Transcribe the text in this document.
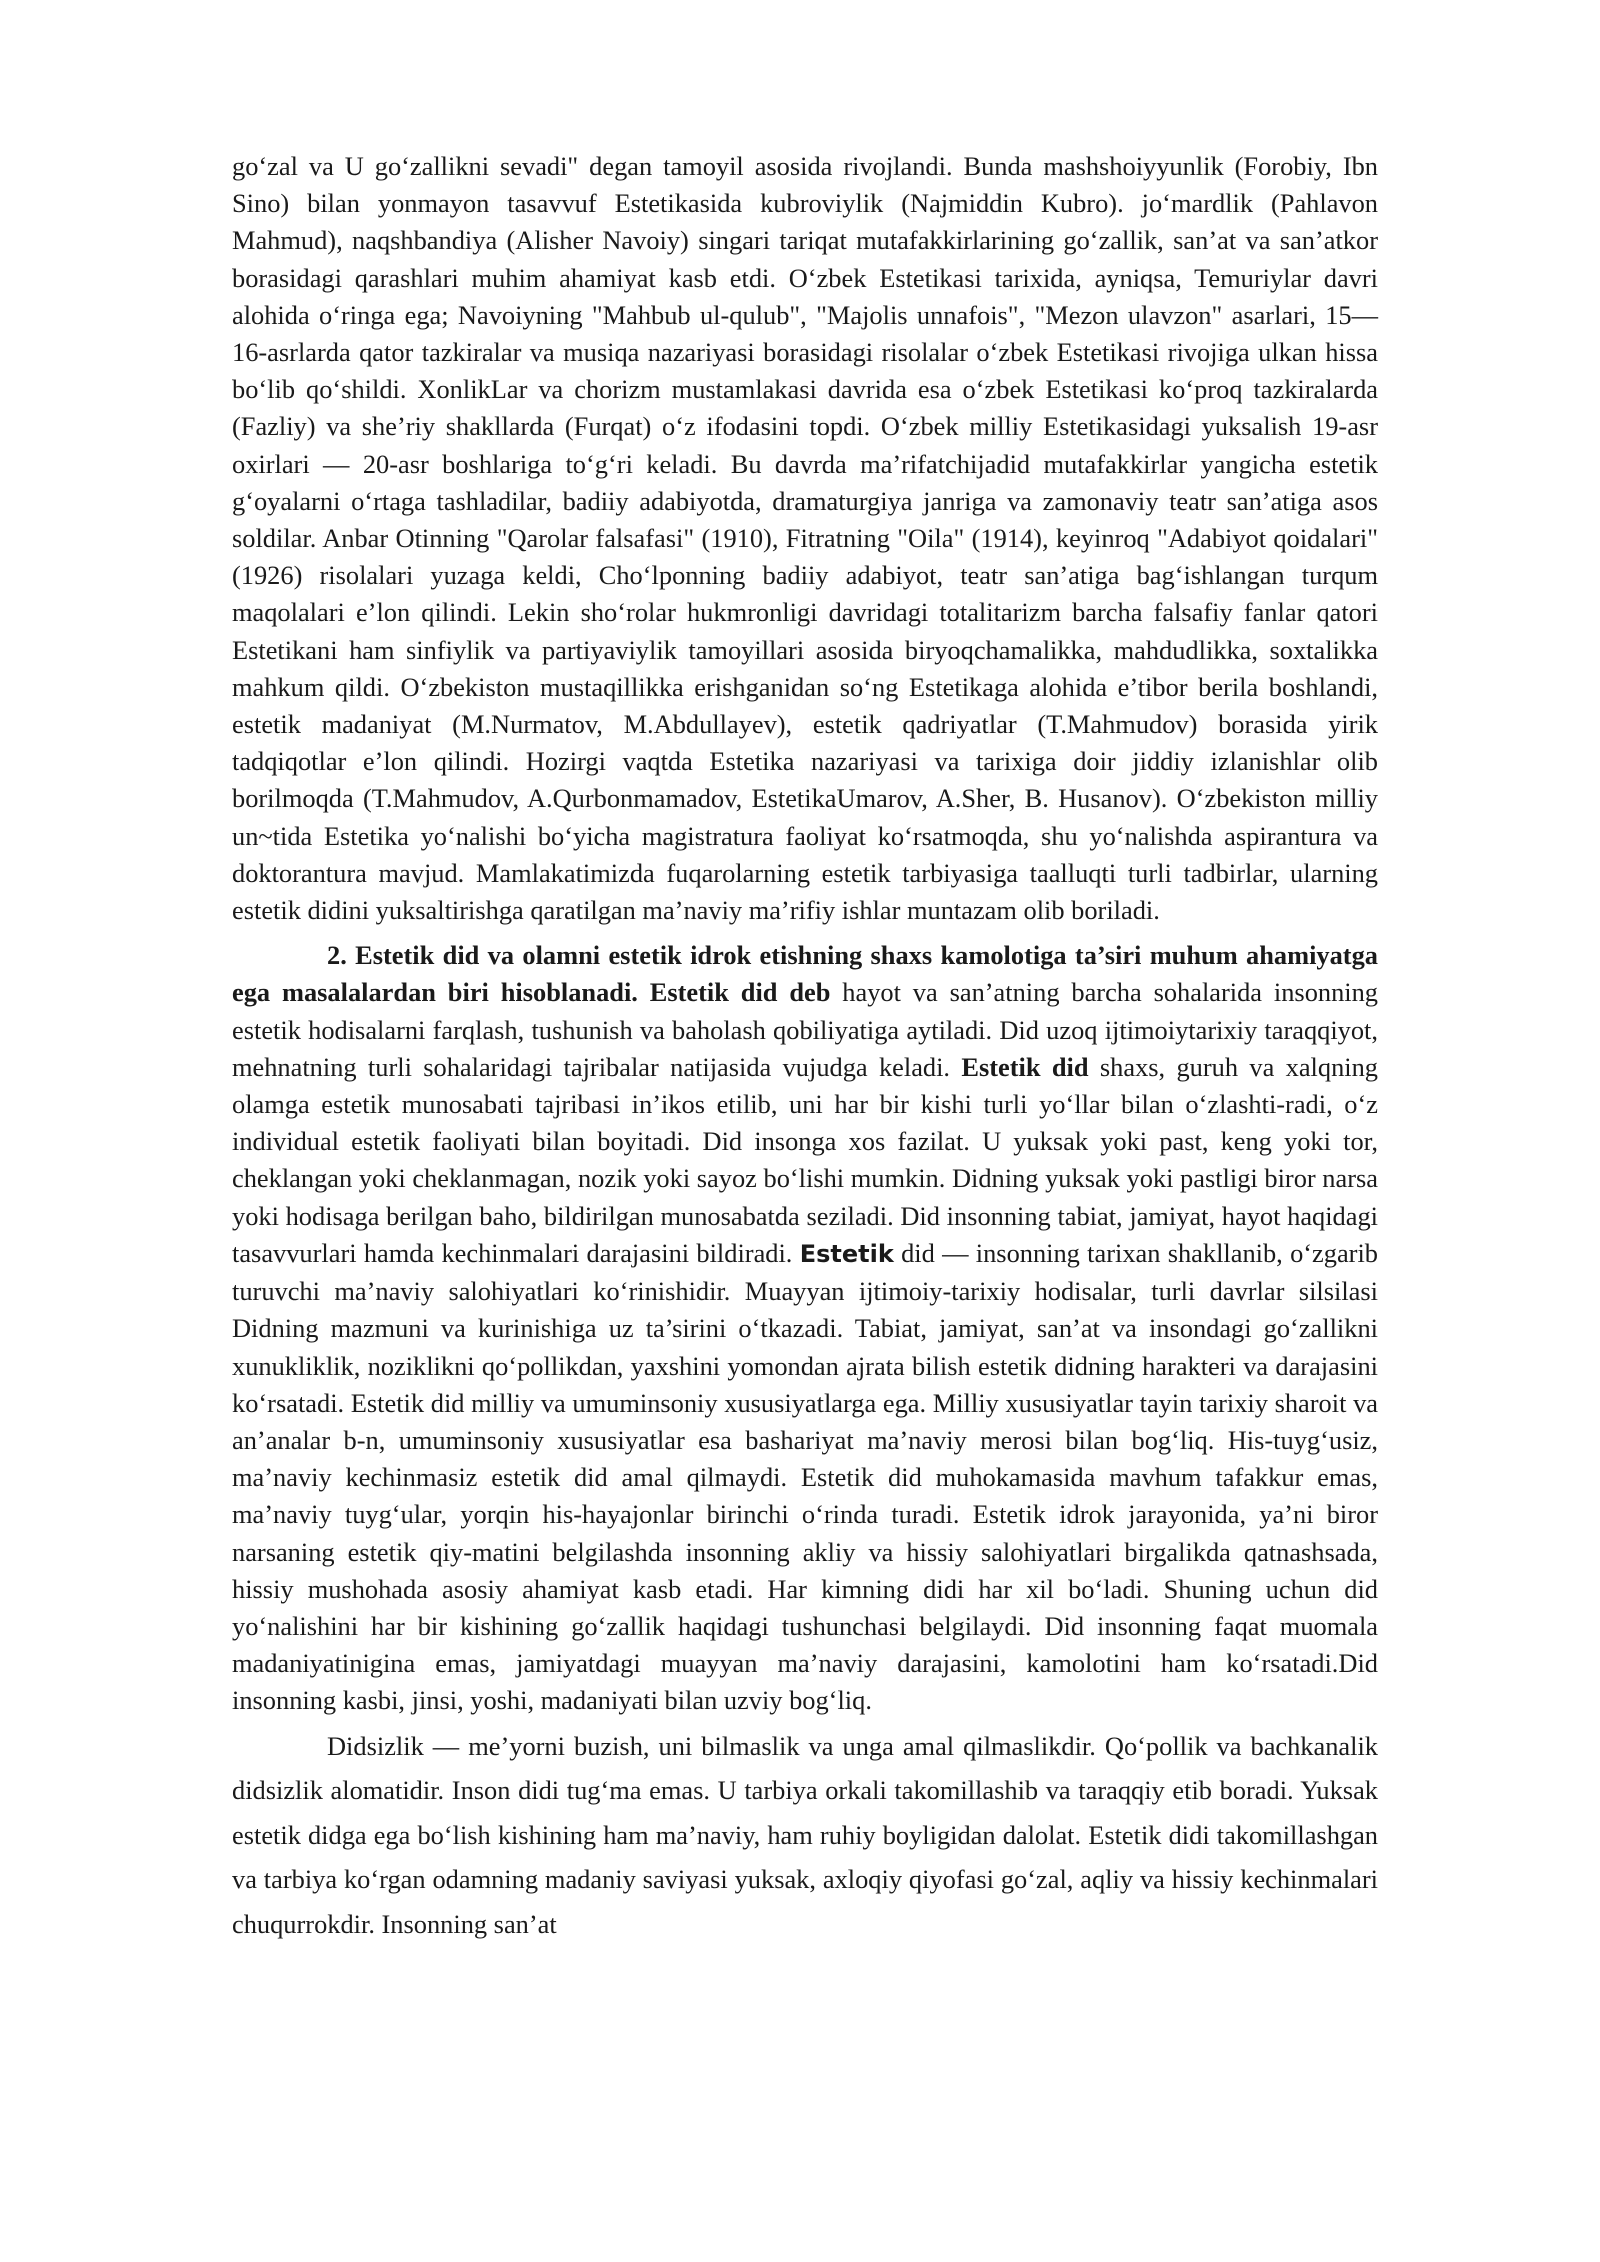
go‘zal va U go‘zallikni sevadi" degan tamoyil asosida rivojlandi. Bunda mashshoiyyunlik (Forobiy, Ibn Sino) bilan yonmayon tasavvuf Estetikasida kubroviylik (Najmiddin Kubro). jo‘mardlik (Pahlavon Mahmud), naqshbandiya (Alisher Navoiy) singari tariqat mutafakkirlarining go‘zallik, san’at va san’atkor borasidagi qarashlari muhim ahamiyat kasb etdi. O‘zbek Estetikasi tarixida, ayniqsa, Temuriylar davri alohida o‘ringa ega; Navoiyning "Mahbub ul-qulub", "Majolis unnafois", "Mezon ulavzon" asarlari, 15—16-asrlarda qator tazkiralar va musiqa nazariyasi borasidagi risolalar o‘zbek Estetikasi rivojiga ulkan hissa bo‘lib qo‘shildi. XonlikLar va chorizm mustamlakasi davrida esa o‘zbek Estetikasi ko‘proq tazkiralarda (Fazliy) va she’riy shakllarda (Furqat) o‘z ifodasini topdi. O‘zbek milliy Estetikasidagi yuksalish 19-asr oxirlari — 20-asr boshlariga to‘g‘ri keladi. Bu davrda ma’rifatchijadid mutafakkirlar yangicha estetik g‘oyalarni o‘rtaga tashladilar, badiiy adabiyotda, dramaturgiya janriga va zamonaviy teatr san’atiga asos soldilar. Anbar Otinning "Qarolar falsafasi" (1910), Fitratning "Oila" (1914), keyinroq "Adabiyot qoidalari" (1926) risolalari yuzaga keldi, Cho‘lponning badiiy adabiyot, teatr san’atiga bag‘ishlangan turqum maqolalari e’lon qilindi. Lekin sho‘rolar hukmronligi davridagi totalitarizm barcha falsafiy fanlar qatori Estetikani ham sinfiylik va partiyaviylik tamoyillari asosida biryoqchamalikka, mahdudlikka, soxtalikka mahkum qildi. O‘zbekiston mustaqillikka erishganidan so‘ng Estetikaga alohida e’tibor berila boshlandi, estetik madaniyat (M.Nurmatov, M.Abdullayev), estetik qadriyatlar (T.Mahmudov) borasida yirik tadqiqotlar e’lon qilindi. Hozirgi vaqtda Estetika nazariyasi va tarixiga doir jiddiy izlanishlar olib borilmoqda (T.Mahmudov, A.Qurbonmamadov, EstetikaUmarov, A.Sher, B. Husanov). O‘zbekiston milliy un~tida Estetika yo‘nalishi bo‘yicha magistratura faoliyat ko‘rsatmoqda, shu yo‘nalishda aspirantura va doktorantura mavjud. Mamlakatimizda fuqarolarning estetik tarbiyasiga taalluqti turli tadbirlar, ularning estetik didini yuksaltirishga qaratilgan ma’naviy ma’rifiy ishlar muntazam olib boriladi.

2. Estetik did va olamni estetik idrok etishning shaxs kamolotiga ta’siri muhum ahamiyatga ega masalalardan biri hisoblanadi. Estetik did deb hayot va san’atning barcha sohalarida insonning estetik hodisalarni farqlash, tushunish va baholash qobiliyatiga aytiladi. Did uzoq ijtimoiytarixiy taraqqiyot, mehnatning turli sohalaridagi tajribalar natijasida vujudga keladi. Estetik did shaxs, guruh va xalqning olamga estetik munosabati tajribasi in’ikos etilib, uni har bir kishi turli yo‘llar bilan o‘zlashti-radi, o‘z individual estetik faoliyati bilan boyitadi. Did insonga xos fazilat. U yuksak yoki past, keng yoki tor, cheklangan yoki cheklanmagan, nozik yoki sayoz bo‘lishi mumkin. Didning yuksak yoki pastligi biror narsa yoki hodisaga berilgan baho, bildirilgan munosabatda seziladi. Did insonning tabiat, jamiyat, hayot haqidagi tasavvurlari hamda kechinmalari darajasini bildiradi. Estetik did — insonning tarixan shakllanib, o‘zgarib turuvchi ma’naviy salohiyatlari ko‘rinishidir. Muayyan ijtimoiy-tarixiy hodisalar, turli davrlar silsilasi Didning mazmuni va kurinishiga uz ta’sirini o‘tkazadi. Tabiat, jamiyat, san’at va insondagi go‘zallikni xunukliklik, noziklikni qo‘pollikdan, yaxshini yomondan ajrata bilish estetik didning harakteri va darajasini ko‘rsatadi. Estetik did milliy va umuminsoniy xususiyatlarga ega. Milliy xususiyatlar tayin tarixiy sharoit va an’analar b-n, umuminsoniy xususiyatlar esa bashariyat ma’naviy merosi bilan bog‘liq. His-tuyg‘usiz, ma’naviy kechinmasiz estetik did amal qilmaydi. Estetik did muhokamasida mavhum tafakkur emas, ma’naviy tuyg‘ular, yorqin his-hayajonlar birinchi o‘rinda turadi. Estetik idrok jarayonida, ya’ni biror narsaning estetik qiy-matini belgilashda insonning akliy va hissiy salohiyatlari birgalikda qatnashsada, hissiy mushohada asosiy ahamiyat kasb etadi. Har kimning didi har xil bo‘ladi. Shuning uchun did yo‘nalishini har bir kishining go‘zallik haqidagi tushunchasi belgilaydi. Did insonning faqat muomala madaniyatinigina emas, jamiyatdagi muayyan ma’naviy darajasini, kamolotini ham ko‘rsatadi.Did insonning kasbi, jinsi, yoshi, madaniyati bilan uzviy bog‘liq.

Didsizlik — me’yorni buzish, uni bilmaslik va unga amal qilmaslikdir. Qo‘pollik va bachkanalik didsizlik alomatidir. Inson didi tug‘ma emas. U tarbiya orkali takomillashib va taraqqiy etib boradi. Yuksak estetik didga ega bo‘lish kishining ham ma’naviy, ham ruhiy boyligidan dalolat. Estetik didi takomillashgan va tarbiya ko‘rgan odamning madaniy saviyasi yuksak, axloqiy qiyofasi go‘zal, aqliy va hissiy kechinmalari chuqurrokdir. Insonning san’at
